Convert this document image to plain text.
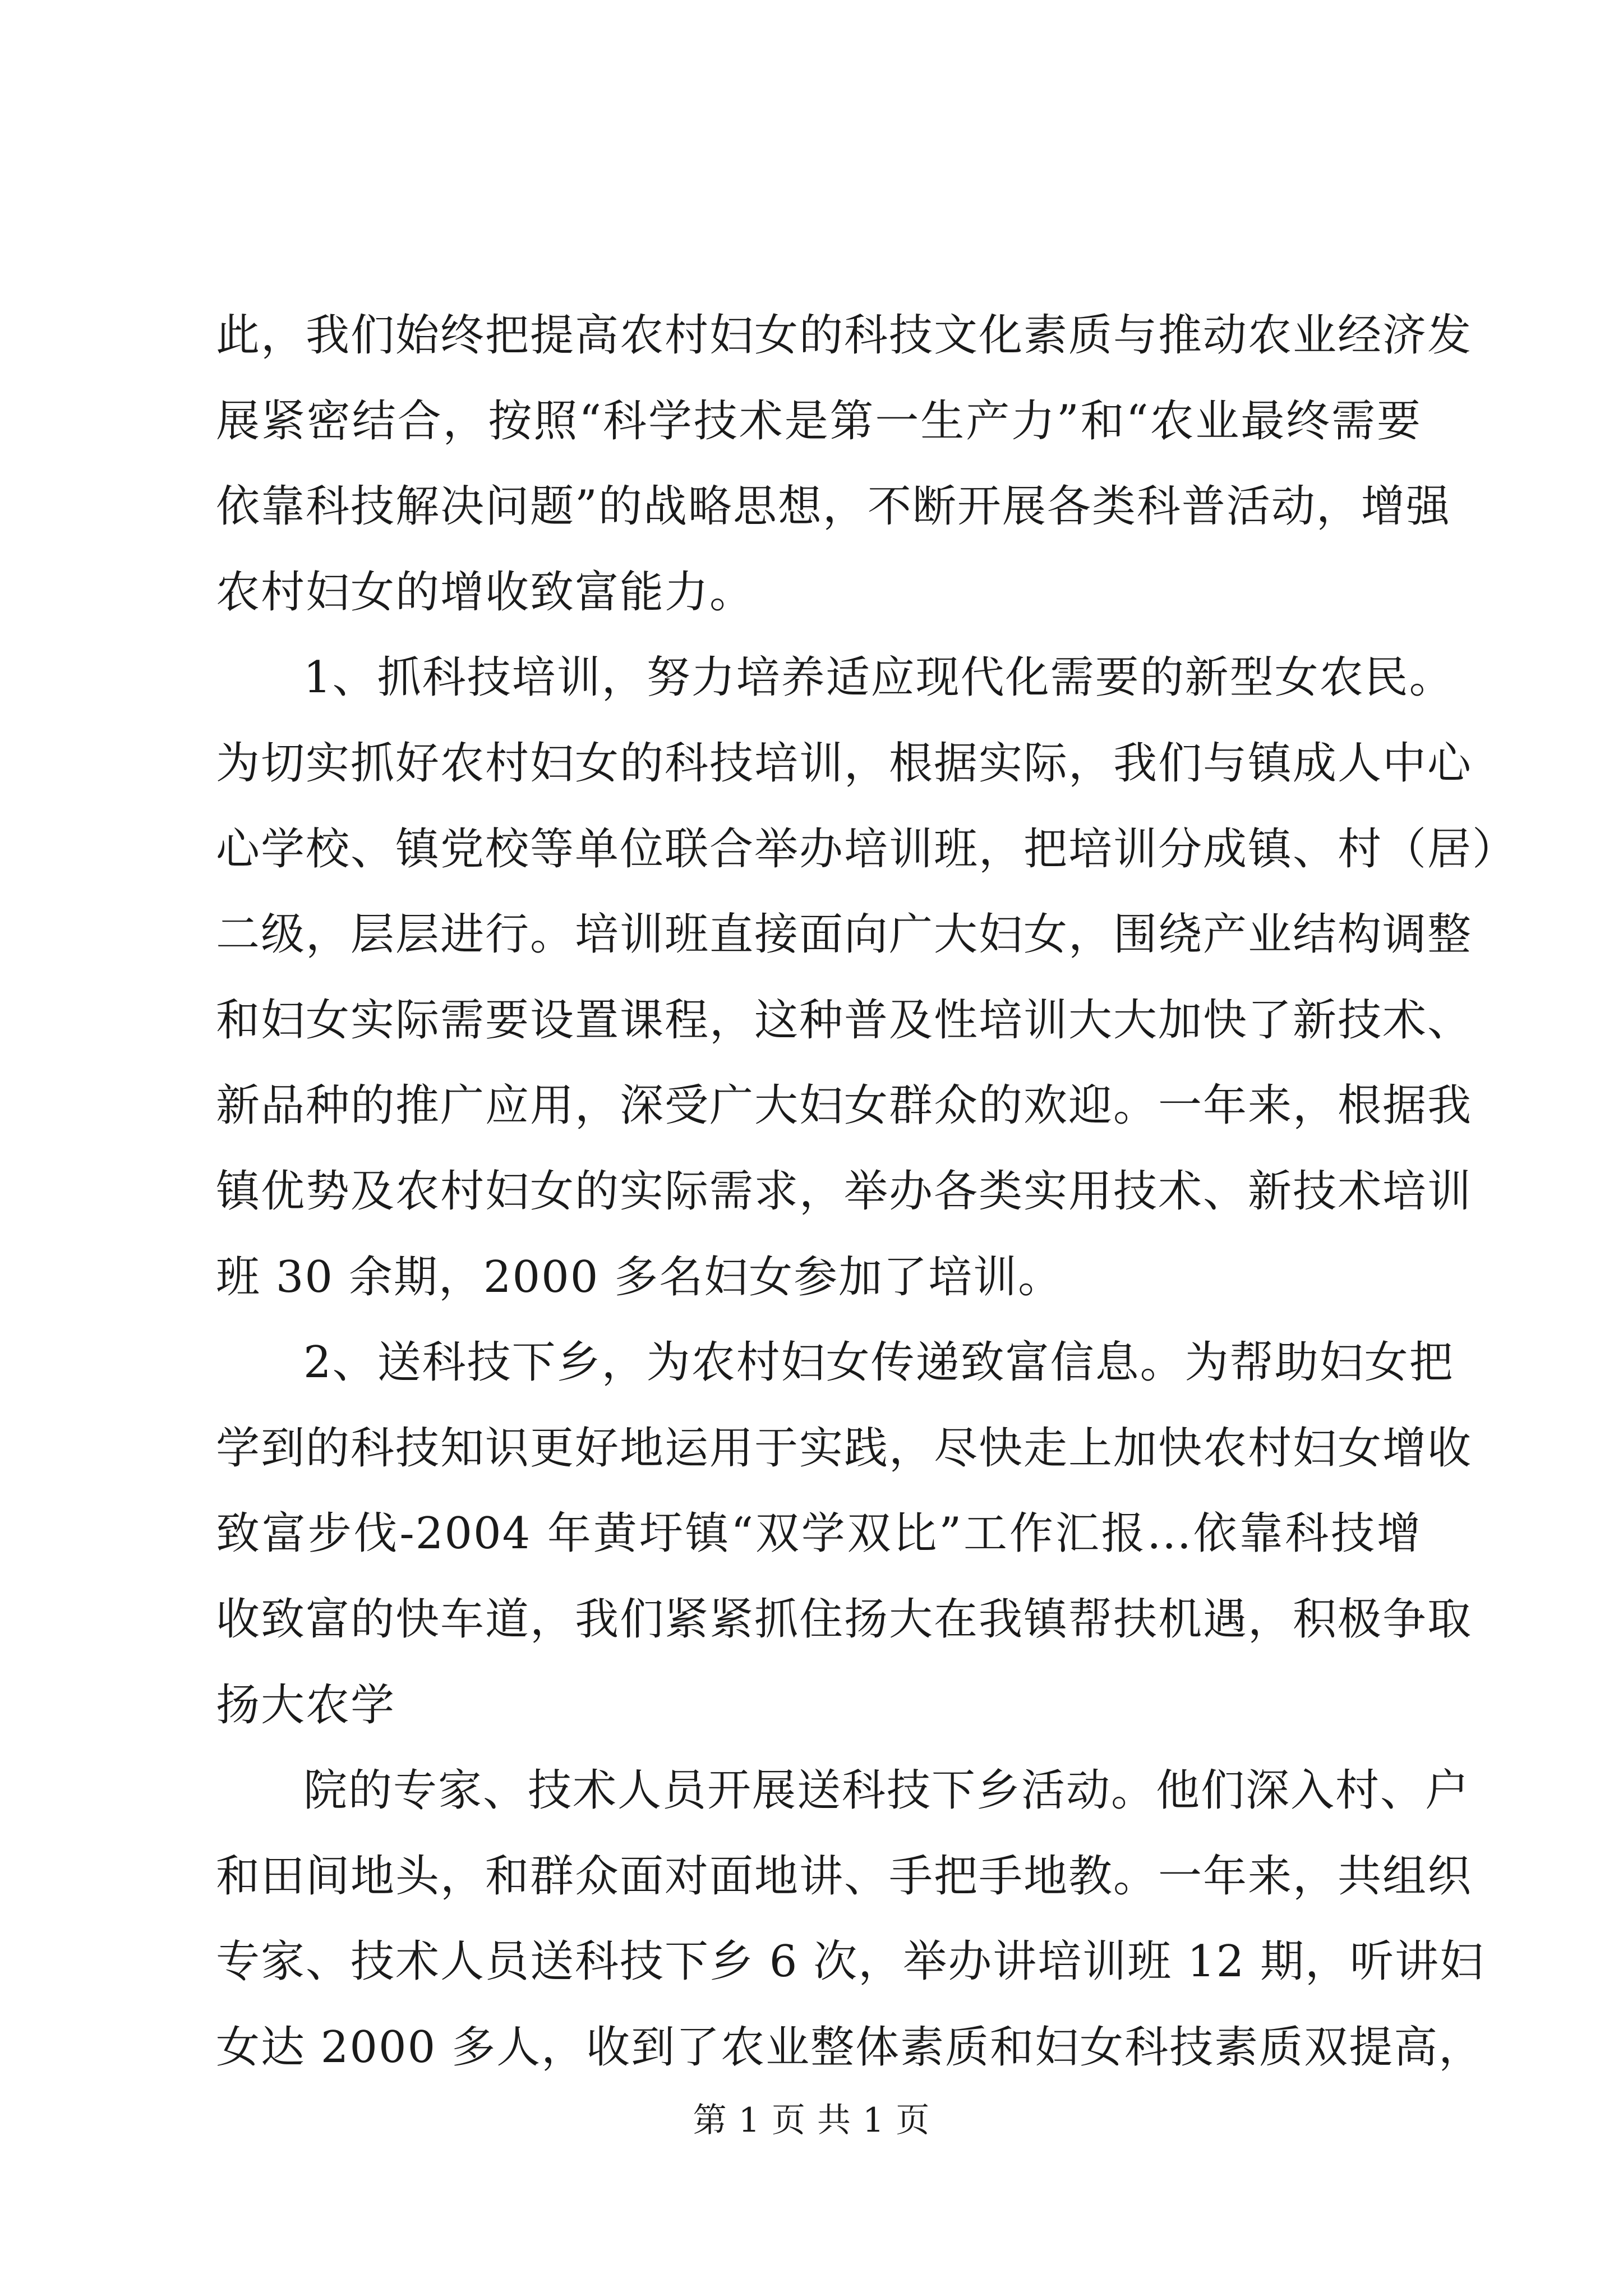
此，我们始终把提高农村妇女的科技文化素质与推动农业经济发
展紧密结合，按照“科学技术是第一生产力”和“农业最终需要
依靠科技解决问题”的战略思想，不断开展各类科普活动，增强
农村妇女的增收致富能力。
1、抓科技培训，努力培养适应现代化需要的新型女农民。
为切实抓好农村妇女的科技培训，根据实际，我们与镇成人中心
心学校、镇党校等单位联合举办培训班，把培训分成镇、村（居）
二级，层层进行。培训班直接面向广大妇女，围绕产业结构调整
和妇女实际需要设置课程，这种普及性培训大大加快了新技术、
新品种的推广应用，深受广大妇女群众的欢迎。一年来，根据我
镇优势及农村妇女的实际需求，举办各类实用技术、新技术培训
班 30 余期，2000 多名妇女参加了培训。
2、送科技下乡，为农村妇女传递致富信息。为帮助妇女把
学到的科技知识更好地运用于实践，尽快走上加快农村妇女增收
致富步伐-2004 年黄圩镇“双学双比”工作汇报...依靠科技增
收致富的快车道，我们紧紧抓住扬大在我镇帮扶机遇，积极争取
扬大农学
院的专家、技术人员开展送科技下乡活动。他们深入村、户
和田间地头，和群众面对面地讲、手把手地教。一年来，共组织
专家、技术人员送科技下乡 6 次，举办讲培训班 12 期，听讲妇
女达 2000 多人，收到了农业整体素质和妇女科技素质双提高，
第 1 页 共 1 页
